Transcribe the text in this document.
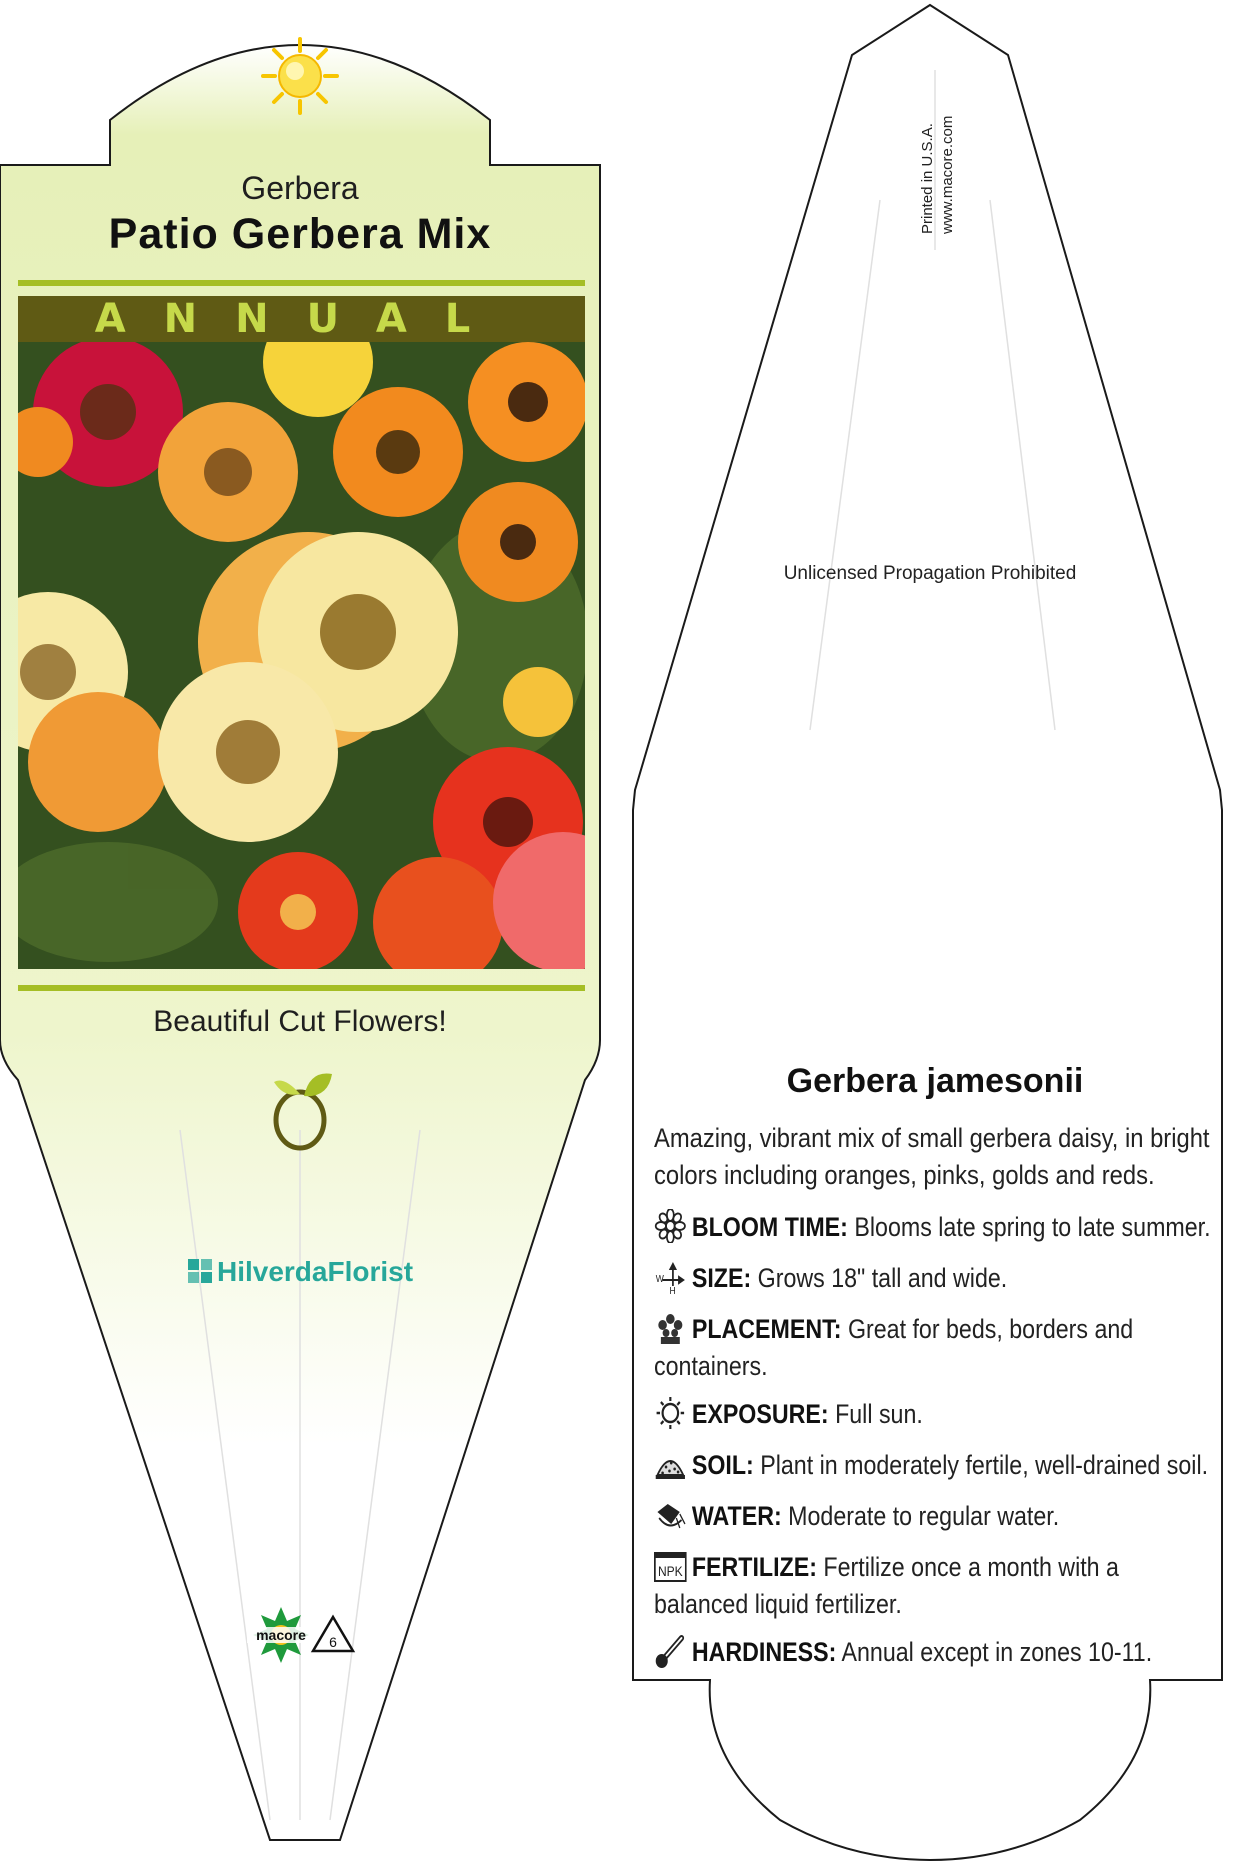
Gerbera
Patio Gerbera Mix
ANNUAL
Beautiful Cut Flowers!
HilverdaFlorist
macore 6
Printed in U.S.A. www.macore.com
Unlicensed Propagation Prohibited
Gerbera jamesonii
Amazing, vibrant mix of small gerbera daisy, in bright colors including oranges, pinks, golds and reds.
BLOOM TIME: Blooms late spring to late summer.
W
H SIZE: Grows 18" tall and wide.
PLACEMENT: Great for beds, borders and containers.
EXPOSURE: Full sun.
SOIL: Plant in moderately fertile, well-drained soil.
WATER: Moderate to regular water.
NPK FERTILIZE: Fertilize once a month with a balanced liquid fertilizer.
HARDINESS: Annual except in zones 10-11.
